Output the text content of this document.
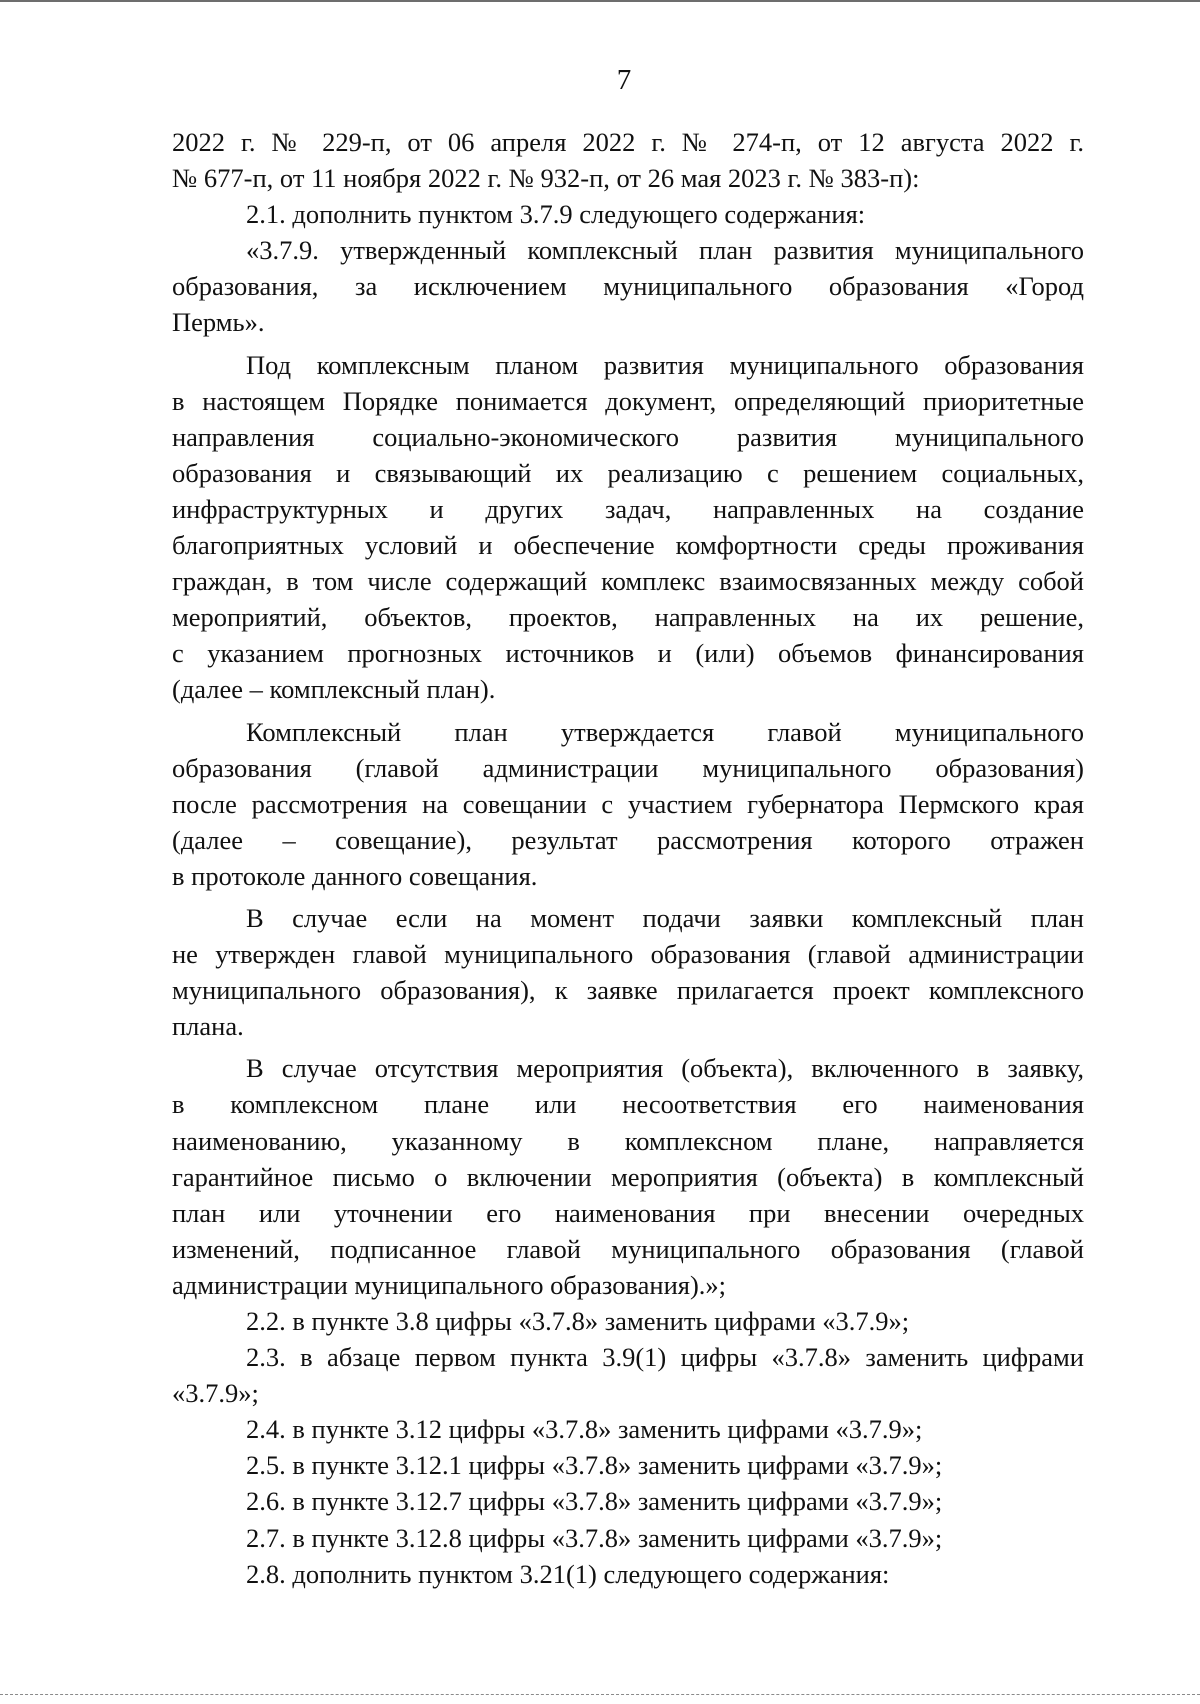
7
2022 г. № 229-п, от 06 апреля 2022 г. № 274-п, от 12 августа 2022 г.
№ 677-п, от 11 ноября 2022 г. № 932-п, от 26 мая 2023 г. № 383-п):
2.1. дополнить пунктом 3.7.9 следующего содержания:
«3.7.9. утвержденный комплексный план развития муниципального
образования, за исключением муниципального образования «Город
Пермь».
Под комплексным планом развития муниципального образования
в настоящем Порядке понимается документ, определяющий приоритетные
направления социально-экономического развития муниципального
образования и связывающий их реализацию с решением социальных,
инфраструктурных и других задач, направленных на создание
благоприятных условий и обеспечение комфортности среды проживания
граждан, в том числе содержащий комплекс взаимосвязанных между собой
мероприятий, объектов, проектов, направленных на их решение,
с указанием прогнозных источников и (или) объемов финансирования
(далее – комплексный план).
Комплексный план утверждается главой муниципального
образования (главой администрации муниципального образования)
после рассмотрения на совещании с участием губернатора Пермского края
(далее – совещание), результат рассмотрения которого отражен
в протоколе данного совещания.
В случае если на момент подачи заявки комплексный план
не утвержден главой муниципального образования (главой администрации
муниципального образования), к заявке прилагается проект комплексного
плана.
В случае отсутствия мероприятия (объекта), включенного в заявку,
в комплексном плане или несоответствия его наименования
наименованию, указанному в комплексном плане, направляется
гарантийное письмо о включении мероприятия (объекта) в комплексный
план или уточнении его наименования при внесении очередных
изменений, подписанное главой муниципального образования (главой
администрации муниципального образования).»;
2.2. в пункте 3.8 цифры «3.7.8» заменить цифрами «3.7.9»;
2.3. в абзаце первом пункта 3.9(1) цифры «3.7.8» заменить цифрами
«3.7.9»;
2.4. в пункте 3.12 цифры «3.7.8» заменить цифрами «3.7.9»;
2.5. в пункте 3.12.1 цифры «3.7.8» заменить цифрами «3.7.9»;
2.6. в пункте 3.12.7 цифры «3.7.8» заменить цифрами «3.7.9»;
2.7. в пункте 3.12.8 цифры «3.7.8» заменить цифрами «3.7.9»;
2.8. дополнить пунктом 3.21(1) следующего содержания:
